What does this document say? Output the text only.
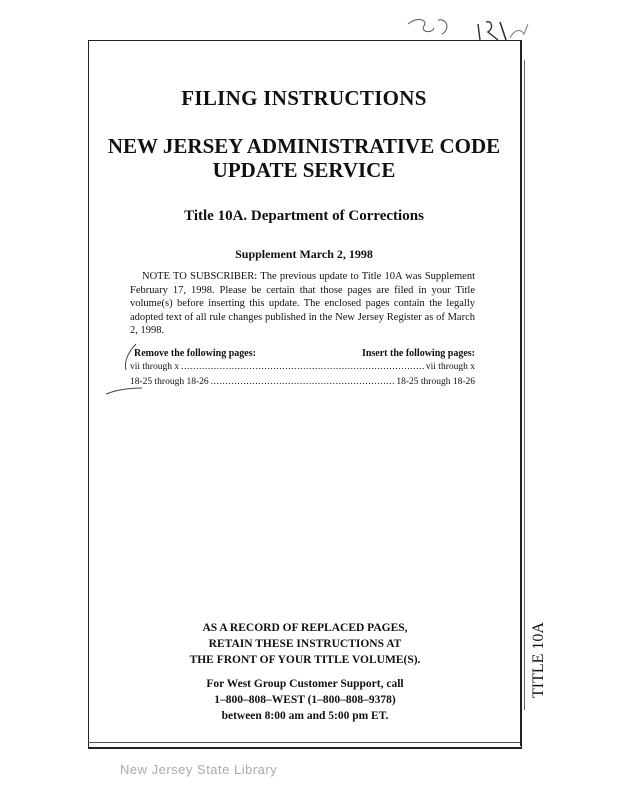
FILING INSTRUCTIONS
NEW JERSEY ADMINISTRATIVE CODE
UPDATE SERVICE
Title 10A. Department of Corrections
Supplement March 2, 1998
NOTE TO SUBSCRIBER: The previous update to Title 10A was Supplement February 17, 1998. Please be certain that those pages are filed in your Title volume(s) before inserting this update. The enclosed pages contain the legally adopted text of all rule changes published in the New Jersey Register as of March 2, 1998.
Remove the following pages:	Insert the following pages:
vii through x .....	vii through x
18-25 through 18-26 .....	18-25 through 18-26
AS A RECORD OF REPLACED PAGES,
RETAIN THESE INSTRUCTIONS AT
THE FRONT OF YOUR TITLE VOLUME(S).
For West Group Customer Support, call
1–800–808–WEST (1–800–808–9378)
between 8:00 am and 5:00 pm ET.
TITLE 10A
New Jersey State Library
